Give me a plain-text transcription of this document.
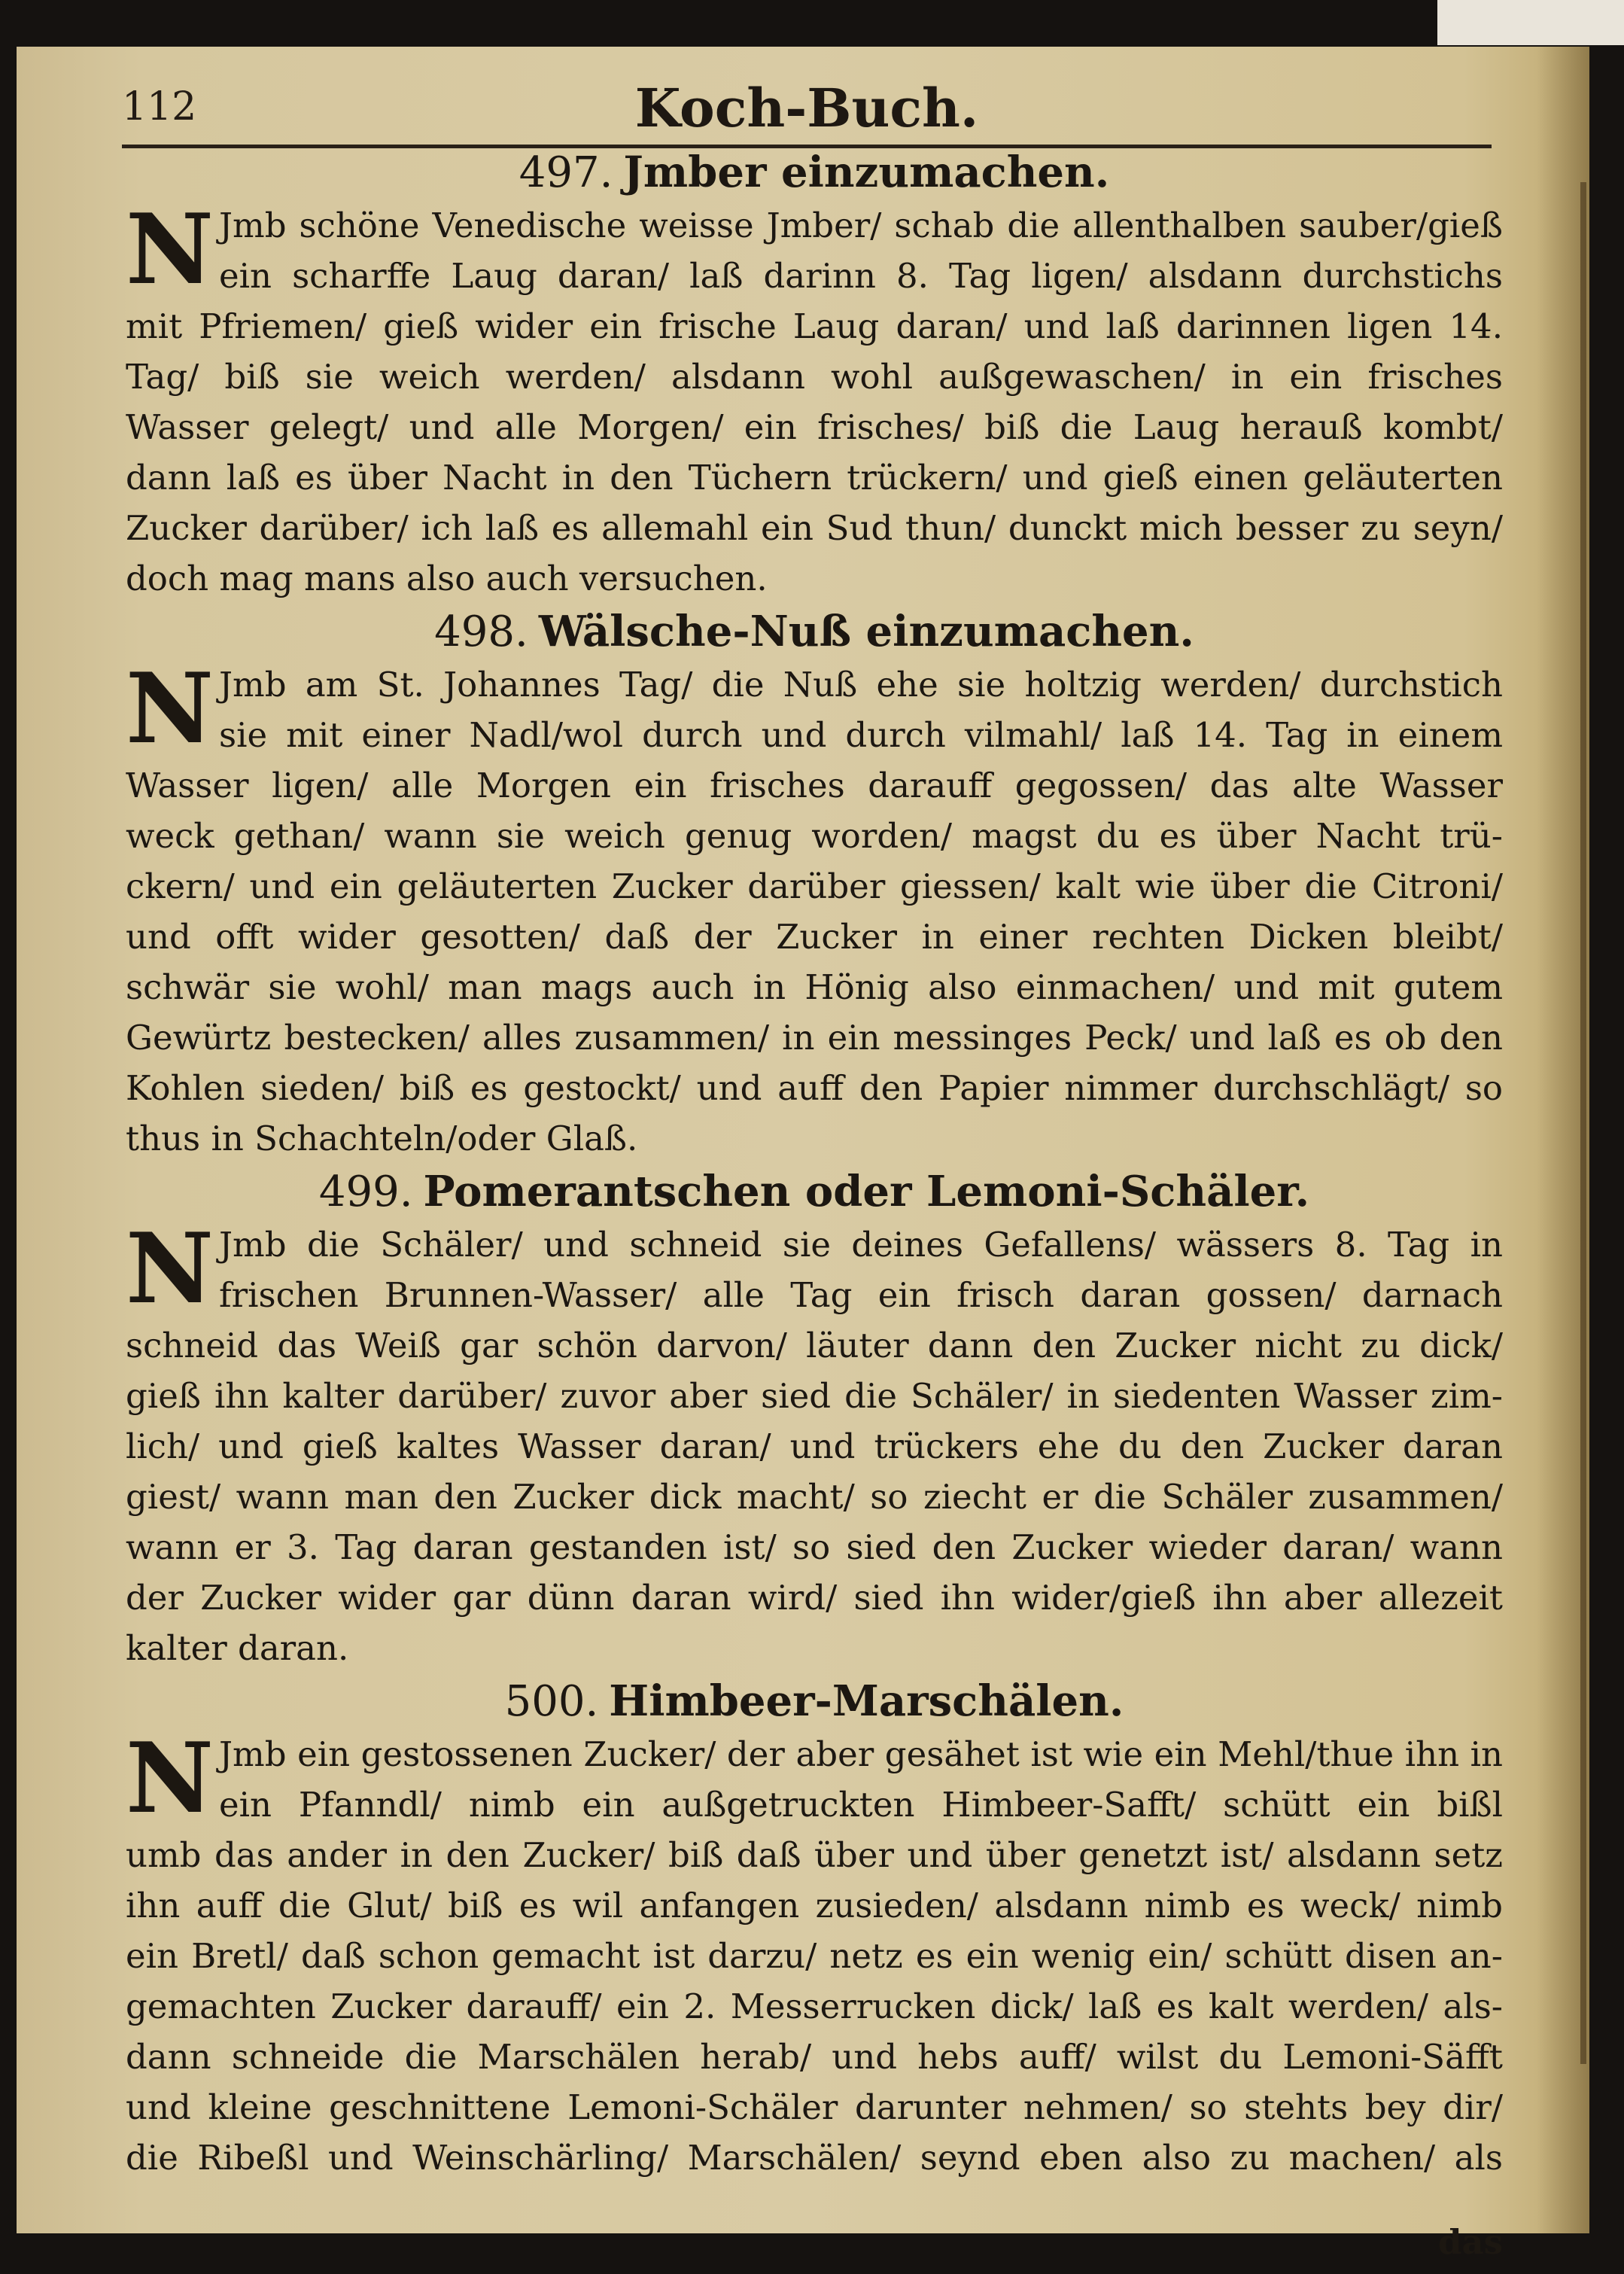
112	Koch-Buch.
497. Jmber einzumachen.
N Jmb schöne Venedische weisse Jmber/ schab die allenthalben sauber/gieß
ein scharffe Laug daran/ laß darinn 8. Tag ligen/ alsdann durchstichs
mit Pfriemen/ gieß wider ein frische Laug daran/ und laß darinnen ligen 14.
Tag/ biß sie weich werden/ alsdann wohl außgewaschen/ in ein frisches
Wasser gelegt/ und alle Morgen/ ein frisches/ biß die Laug herauß kombt/
dann laß es über Nacht in den Tüchern trückern/ und gieß einen geläuterten
Zucker darüber/ ich laß es allemahl ein Sud thun/ dunckt mich besser zu seyn/
doch mag mans also auch versuchen.
498. Wälsche-Nuß einzumachen.
N Jmb am St. Johannes Tag/ die Nuß ehe sie holtzig werden/ durchstich
sie mit einer Nadl/wol durch und durch vilmahl/ laß 14. Tag in einem
Wasser ligen/ alle Morgen ein frisches darauff gegossen/ das alte Wasser
weck gethan/ wann sie weich genug worden/ magst du es über Nacht trü-
ckern/ und ein geläuterten Zucker darüber giessen/ kalt wie über die Citroni/
und offt wider gesotten/ daß der Zucker in einer rechten Dicken bleibt/
schwär sie wohl/ man mags auch in Hönig also einmachen/ und mit gutem
Gewürtz bestecken/ alles zusammen/ in ein messinges Peck/ und laß es ob den
Kohlen sieden/ biß es gestockt/ und auff den Papier nimmer durchschlägt/ so
thus in Schachteln/oder Glaß.
499. Pomerantschen oder Lemoni-Schäler.
N Jmb die Schäler/ und schneid sie deines Gefallens/ wässers 8. Tag in
frischen Brunnen-Wasser/ alle Tag ein frisch daran gossen/ darnach
schneid das Weiß gar schön darvon/ läuter dann den Zucker nicht zu dick/
gieß ihn kalter darüber/ zuvor aber sied die Schäler/ in siedenten Wasser zim-
lich/ und gieß kaltes Wasser daran/ und trückers ehe du den Zucker daran
giest/ wann man den Zucker dick macht/ so ziecht er die Schäler zusammen/
wann er 3. Tag daran gestanden ist/ so sied den Zucker wieder daran/ wann
der Zucker wider gar dünn daran wird/ sied ihn wider/gieß ihn aber allezeit
kalter daran.
500. Himbeer-Marschälen.
N Jmb ein gestossenen Zucker/ der aber gesähet ist wie ein Mehl/thue ihn in
ein Pfanndl/ nimb ein außgetruckten Himbeer-Safft/ schütt ein bißl
umb das ander in den Zucker/ biß daß über und über genetzt ist/ alsdann setz
ihn auff die Glut/ biß es wil anfangen zusieden/ alsdann nimb es weck/ nimb
ein Bretl/ daß schon gemacht ist darzu/ netz es ein wenig ein/ schütt disen an-
gemachten Zucker darauff/ ein 2. Messerrucken dick/ laß es kalt werden/ als-
dann schneide die Marschälen herab/ und hebs auff/ wilst du Lemoni-Säfft
und kleine geschnittene Lemoni-Schäler darunter nehmen/ so stehts bey dir/
die Ribeßl und Weinschärling/ Marschälen/ seynd eben also zu machen/ als
das
